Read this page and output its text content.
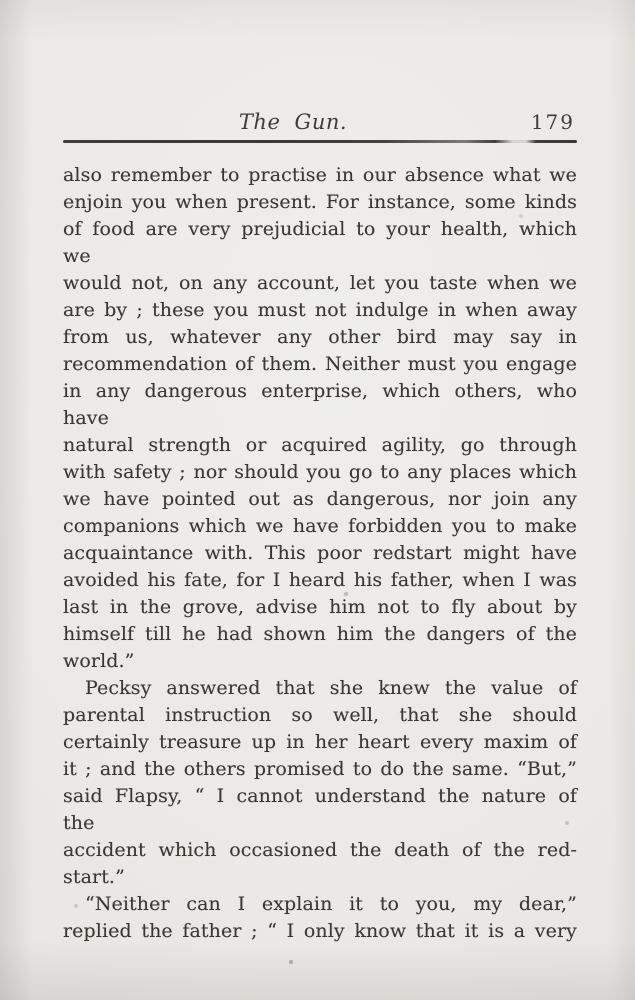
The Gun.	179
also remember to practise in our absence what we
enjoin you when present. For instance, some kinds
of food are very prejudicial to your health, which we
would not, on any account, let you taste when we
are by ; these you must not indulge in when away
from us, whatever any other bird may say in
recommendation of them. Neither must you engage
in any dangerous enterprise, which others, who have
natural strength or acquired agility, go through
with safety ; nor should you go to any places which
we have pointed out as dangerous, nor join any
companions which we have forbidden you to make
acquaintance with. This poor redstart might have
avoided his fate, for I heard his father, when I was
last in the grove, advise him not to fly about by
himself till he had shown him the dangers of the
world.”
Pecksy answered that she knew the value of
parental instruction so well, that she should
certainly treasure up in her heart every maxim of
it ; and the others promised to do the same. “But,”
said Flapsy, “ I cannot understand the nature of the
accident which occasioned the death of the red-
start.”
“Neither can I explain it to you, my dear,”
replied the father ; “ I only know that it is a very
